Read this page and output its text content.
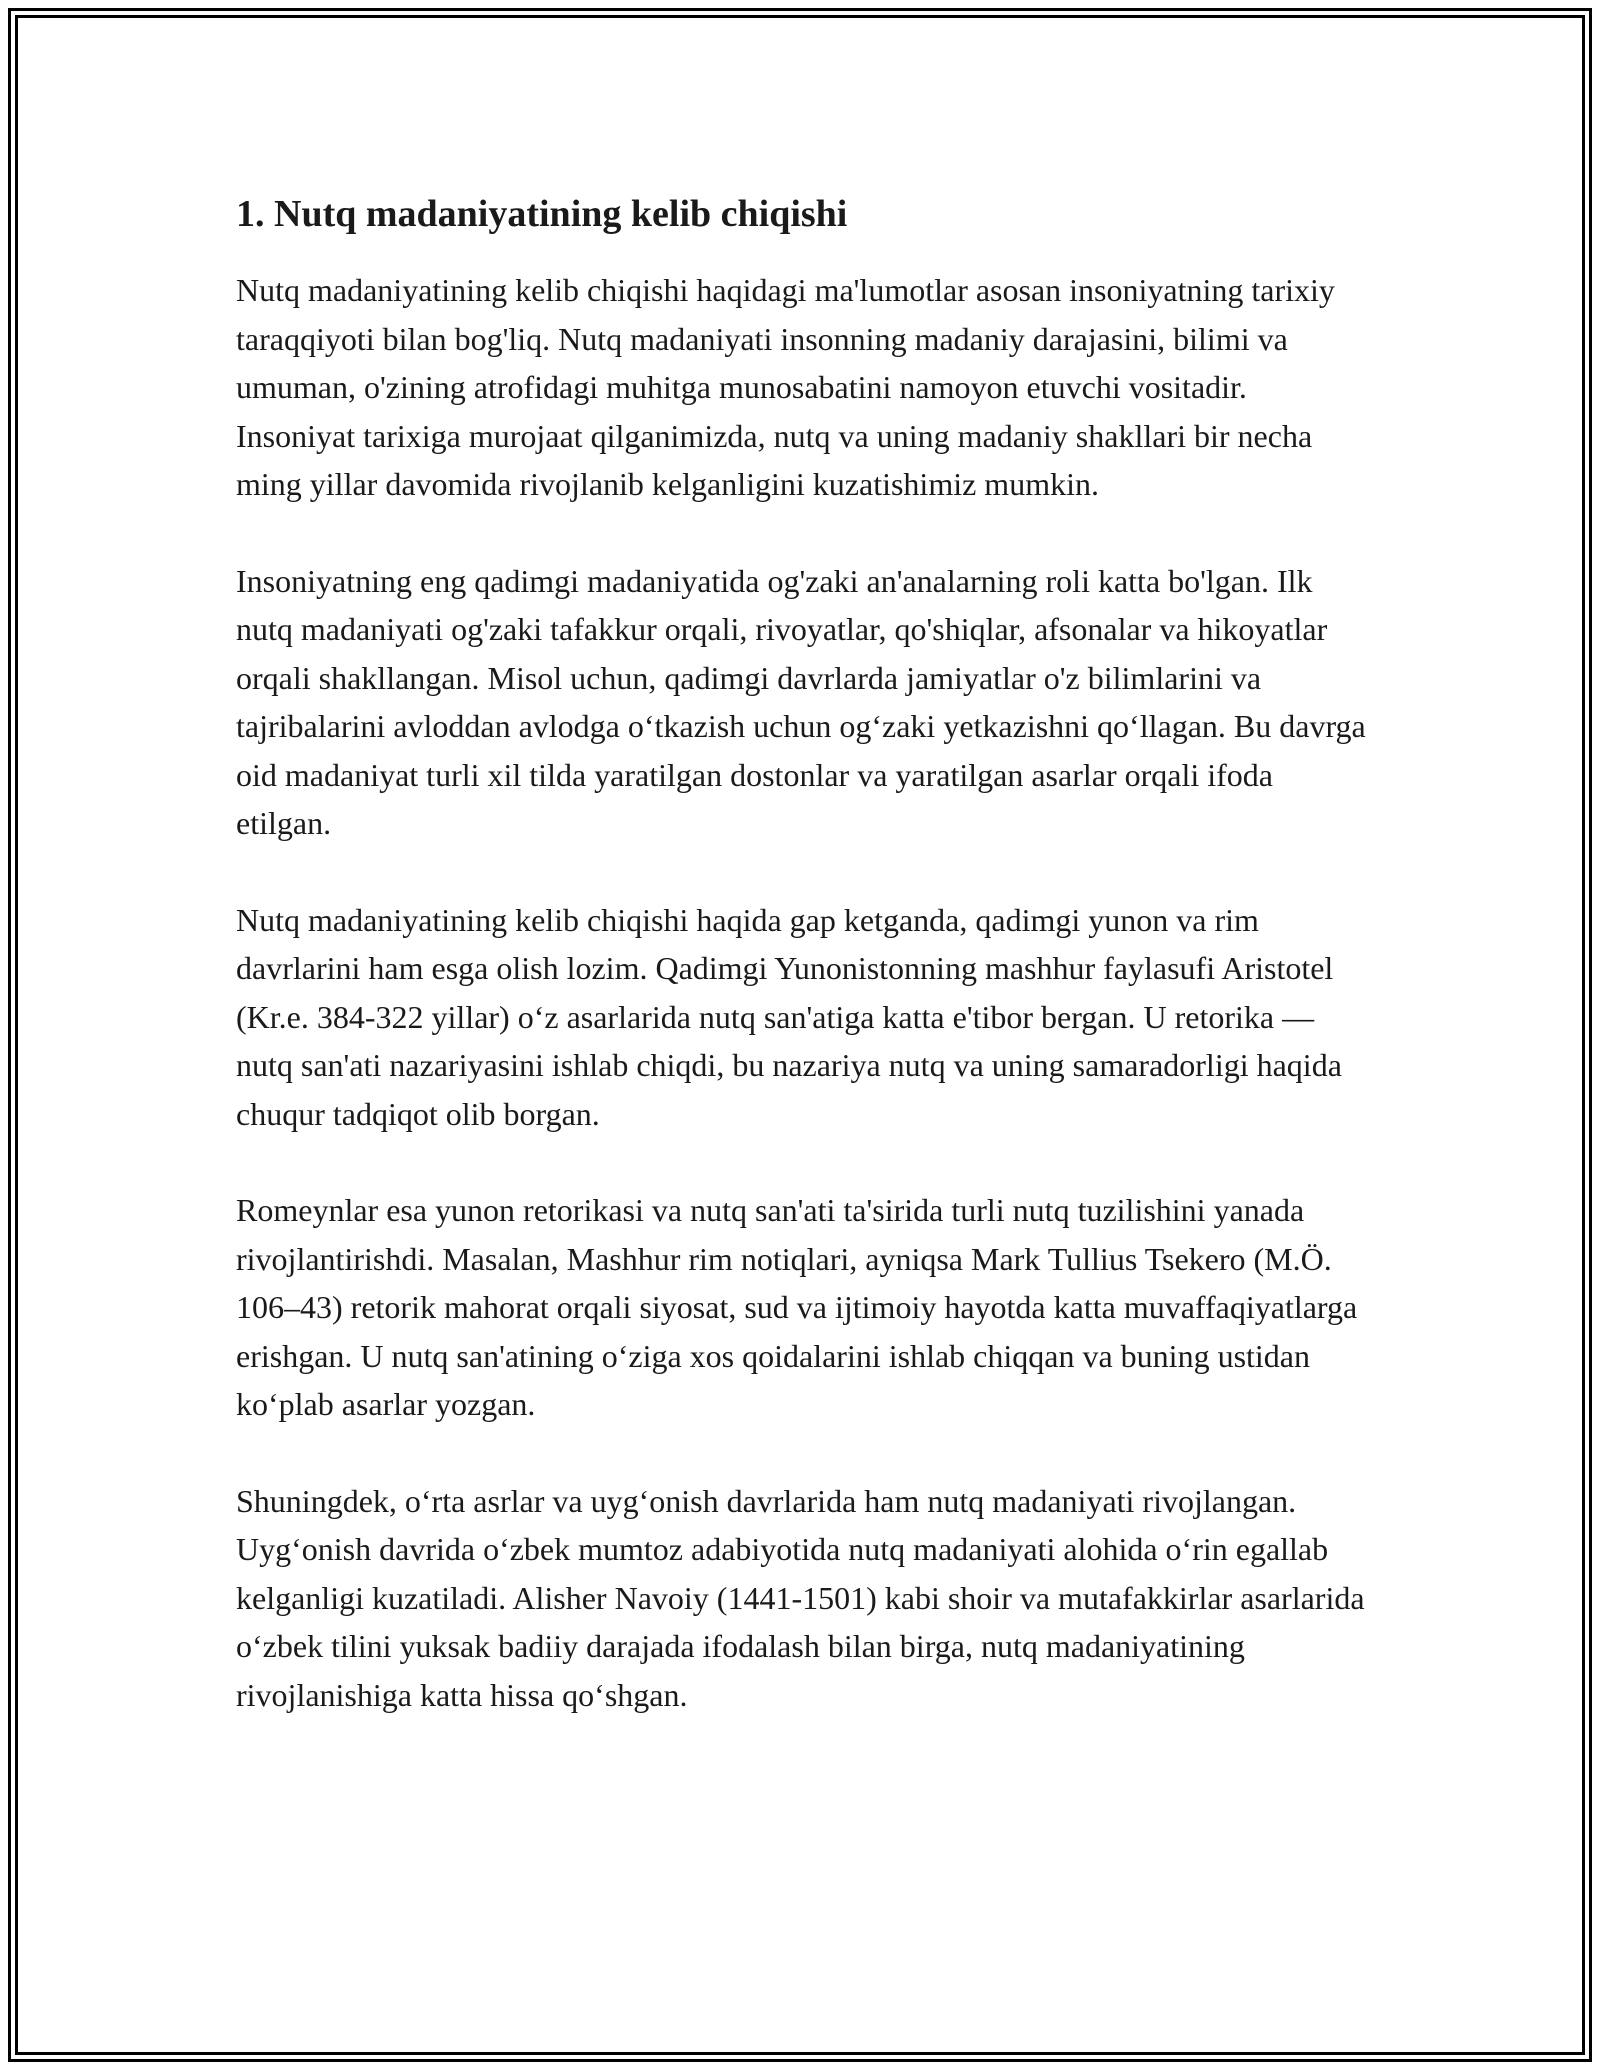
1. Nutq madaniyatining kelib chiqishi

Nutq madaniyatining kelib chiqishi haqidagi ma'lumotlar asosan insoniyatning tarixiy taraqqiyoti bilan bog'liq. Nutq madaniyati insonning madaniy darajasini, bilimi va umuman, o'zining atrofidagi muhitga munosabatini namoyon etuvchi vositadir. Insoniyat tarixiga murojaat qilganimizda, nutq va uning madaniy shakllari bir necha ming yillar davomida rivojlanib kelganligini kuzatishimiz mumkin.

Insoniyatning eng qadimgi madaniyatida og'zaki an'analarning roli katta bo'lgan. Ilk nutq madaniyati og'zaki tafakkur orqali, rivoyatlar, qo'shiqlar, afsonalar va hikoyatlar orqali shakllangan. Misol uchun, qadimgi davrlarda jamiyatlar o'z bilimlarini va tajribalarini avloddan avlodga o‘tkazish uchun og‘zaki yetkazishni qo‘llagan. Bu davrga oid madaniyat turli xil tilda yaratilgan dostonlar va yaratilgan asarlar orqali ifoda etilgan.

Nutq madaniyatining kelib chiqishi haqida gap ketganda, qadimgi yunon va rim davrlarini ham esga olish lozim. Qadimgi Yunonistonning mashhur faylasufi Aristotel (Kr.e. 384-322 yillar) o‘z asarlarida nutq san'atiga katta e'tibor bergan. U retorika — nutq san'ati nazariyasini ishlab chiqdi, bu nazariya nutq va uning samaradorligi haqida chuqur tadqiqot olib borgan.

Romeynlar esa yunon retorikasi va nutq san'ati ta'sirida turli nutq tuzilishini yanada rivojlantirishdi. Masalan, Mashhur rim notiqlari, ayniqsa Mark Tullius Tsekero (M.Ö. 106–43) retorik mahorat orqali siyosat, sud va ijtimoiy hayotda katta muvaffaqiyatlarga erishgan. U nutq san'atining o‘ziga xos qoidalarini ishlab chiqqan va buning ustidan ko‘plab asarlar yozgan.

Shuningdek, o‘rta asrlar va uyg‘onish davrlarida ham nutq madaniyati rivojlangan. Uyg‘onish davrida o‘zbek mumtoz adabiyotida nutq madaniyati alohida o‘rin egallab kelganligi kuzatiladi. Alisher Navoiy (1441-1501) kabi shoir va mutafakkirlar asarlarida o‘zbek tilini yuksak badiiy darajada ifodalash bilan birga, nutq madaniyatining rivojlanishiga katta hissa qo‘shgan.
